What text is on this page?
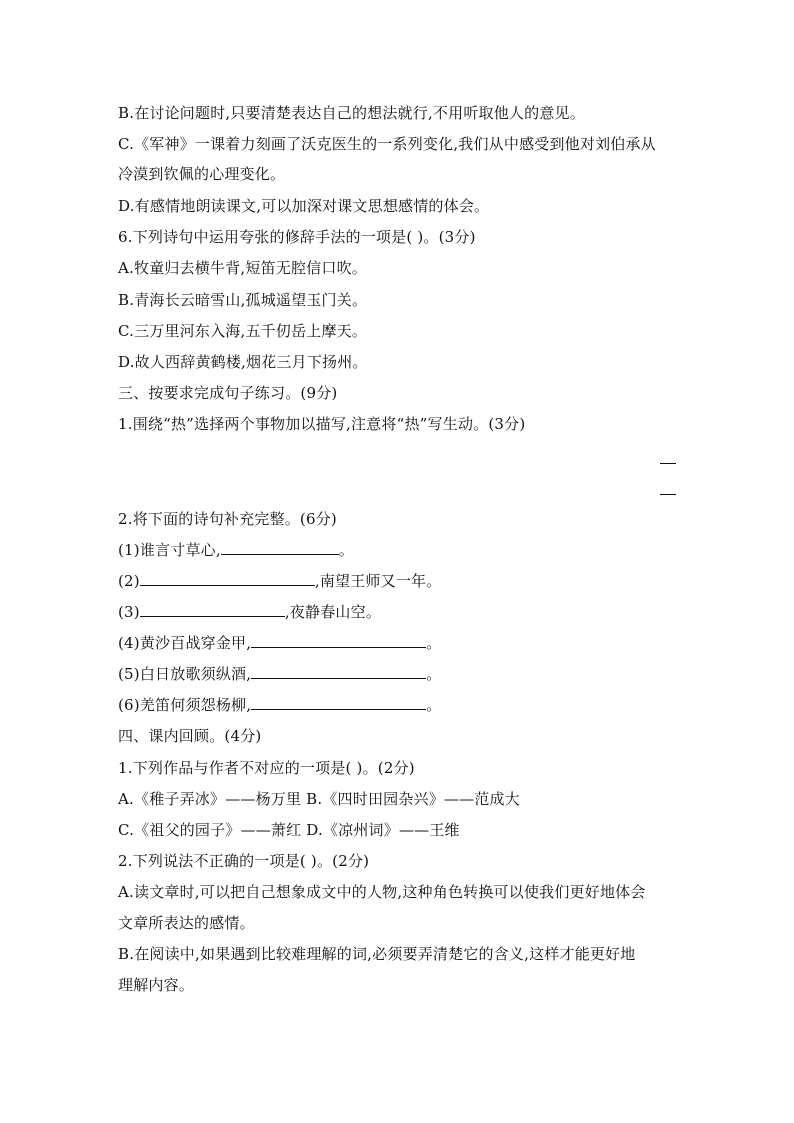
B.在讨论问题时,只要清楚表达自己的想法就行,不用听取他人的意见。
C.《军神》一课着力刻画了沃克医生的一系列变化,我们从中感受到他对刘伯承从
冷漠到钦佩的心理变化。
D.有感情地朗读课文,可以加深对课文思想感情的体会。
6.下列诗句中运用夸张的修辞手法的一项是( )。(3分)
A.牧童归去横牛背,短笛无腔信口吹。
B.青海长云暗雪山,孤城遥望玉门关。
C.三万里河东入海,五千仞岳上摩天。
D.故人西辞黄鹤楼,烟花三月下扬州。
三、按要求完成句子练习。(9分)
1.围绕“热”选择两个事物加以描写,注意将“热”写生动。(3分)
2.将下面的诗句补充完整。(6分)
(1)谁言寸草心,	。
(2)	,南望王师又一年。
(3)	,夜静春山空。
(4)黄沙百战穿金甲,	。
(5)白日放歌须纵酒,	。
(6)羌笛何须怨杨柳,	。
四、课内回顾。(4分)
1.下列作品与作者不对应的一项是( )。(2分)
A.《稚子弄冰》——杨万里 B.《四时田园杂兴》——范成大
C.《祖父的园子》——萧红 D.《凉州词》——王维
2.下列说法不正确的一项是( )。(2分)
A.读文章时,可以把自己想象成文中的人物,这种角色转换可以使我们更好地体会
文章所表达的感情。
B.在阅读中,如果遇到比较难理解的词,必须要弄清楚它的含义,这样才能更好地
理解内容。
